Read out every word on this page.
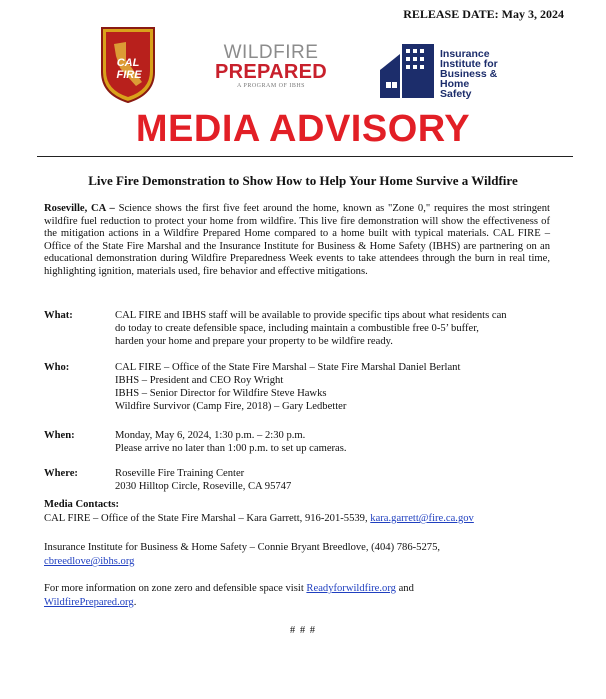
RELEASE DATE: May 3, 2024
CAL
FIRE
WILDFIRE
PREPARED
A PROGRAM OF IBHS
Insurance
Institute for
Business &
Home
Safety
MEDIA ADVISORY
Live Fire Demonstration to Show How to Help Your Home Survive a Wildfire
Roseville, CA – Science shows the first five feet around the home, known as "Zone 0," requires the most stringent wildfire fuel reduction to protect your home from wildfire. This live fire demonstration will show the effectiveness of the mitigation actions in a Wildfire Prepared Home compared to a home built with typical materials. CAL FIRE –Office of the State Fire Marshal and the Insurance Institute for Business & Home Safety (IBHS) are partnering on an educational demonstration during Wildfire Preparedness Week events to take attendees through the burn in real time, highlighting ignition, materials used, fire behavior and effective mitigations.
What:	CAL FIRE and IBHS staff will be available to provide specific tips about what residents can
do today to create defensible space, including maintain a combustible free 0-5’ buffer,
harden your home and prepare your property to be wildfire ready.
Who:	CAL FIRE – Office of the State Fire Marshal – State Fire Marshal Daniel Berlant
IBHS – President and CEO Roy Wright
IBHS – Senior Director for Wildfire Steve Hawks
Wildfire Survivor (Camp Fire, 2018) – Gary Ledbetter
When:	Monday, May 6, 2024, 1:30 p.m. – 2:30 p.m.
Please arrive no later than 1:00 p.m. to set up cameras.
Where:	Roseville Fire Training Center
2030 Hilltop Circle, Roseville, CA 95747
Media Contacts:
CAL FIRE – Office of the State Fire Marshal – Kara Garrett, 916-201-5539, kara.garrett@fire.ca.gov
Insurance Institute for Business & Home Safety – Connie Bryant Breedlove, (404) 786-5275,
cbreedlove@ibhs.org
For more information on zone zero and defensible space visit Readyforwildfire.org and
WildfirePrepared.org.
# # #
